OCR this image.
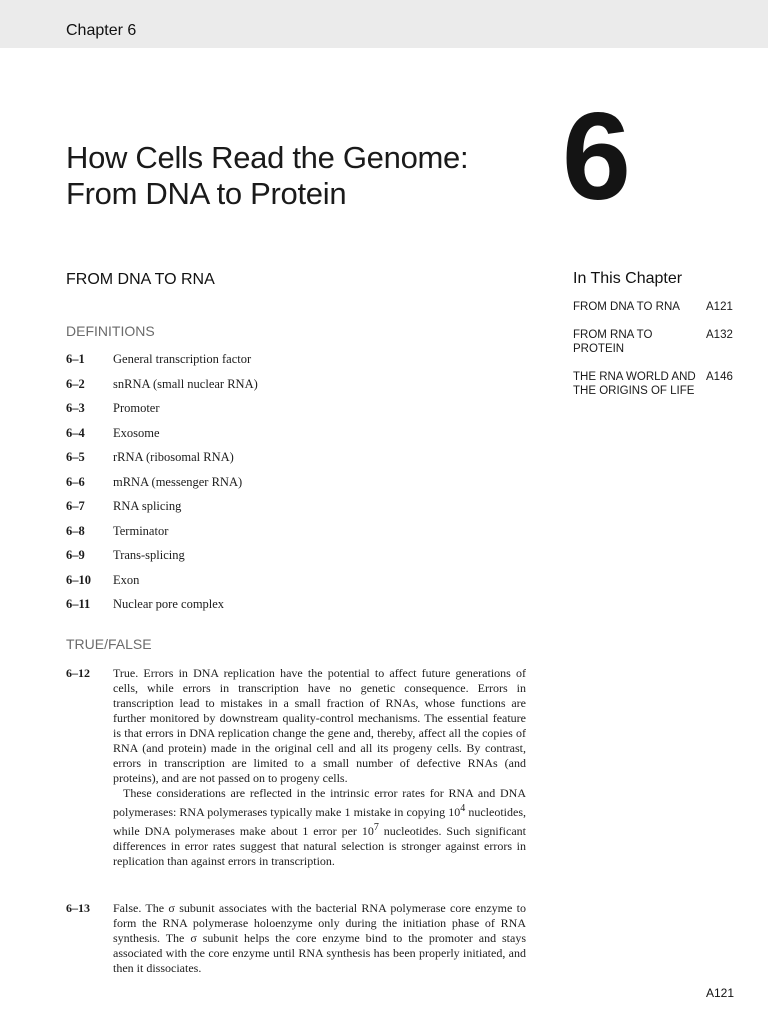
Chapter 6
How Cells Read the Genome:
From DNA to Protein	6
FROM DNA TO RNA
DEFINITIONS
6–1 General transcription factor
6–2 snRNA (small nuclear RNA)
6–3 Promoter
6–4 Exosome
6–5 rRNA (ribosomal RNA)
6–6 mRNA (messenger RNA)
6–7 RNA splicing
6–8 Terminator
6–9 Trans-splicing
6–10 Exon
6–11 Nuclear pore complex
TRUE/FALSE
6–12 True. Errors in DNA replication have the potential to affect future generations of cells, while errors in transcription have no genetic consequence. Errors in transcription lead to mistakes in a small fraction of RNAs, whose functions are further monitored by downstream quality-control mechanisms. The essential feature is that errors in DNA replication change the gene and, thereby, affect all the copies of RNA (and protein) made in the original cell and all its progeny cells. By contrast, errors in transcription are limited to a small number of defective RNAs (and proteins), and are not passed on to progeny cells.

These considerations are reflected in the intrinsic error rates for RNA and DNA polymerases: RNA polymerases typically make 1 mistake in copying $10^4$ nucleotides, while DNA polymerases make about 1 error per $10^7$ nucleotides. Such significant differences in error rates suggest that natural selection is stronger against errors in replication than against errors in transcription.

6–13 False. The σ subunit associates with the bacterial RNA polymerase core enzyme to form the RNA polymerase holoenzyme only during the initiation phase of RNA synthesis. The σ subunit helps the core enzyme bind to the promoter and stays associated with the core enzyme until RNA synthesis has been properly initiated, and then it dissociates.

In This Chapter
FROM DNA TO RNA	A121
FROM RNA TO PROTEIN
A132
THE RNA WORLD AND THE ORIGINS OF LIFE
A146
A121
